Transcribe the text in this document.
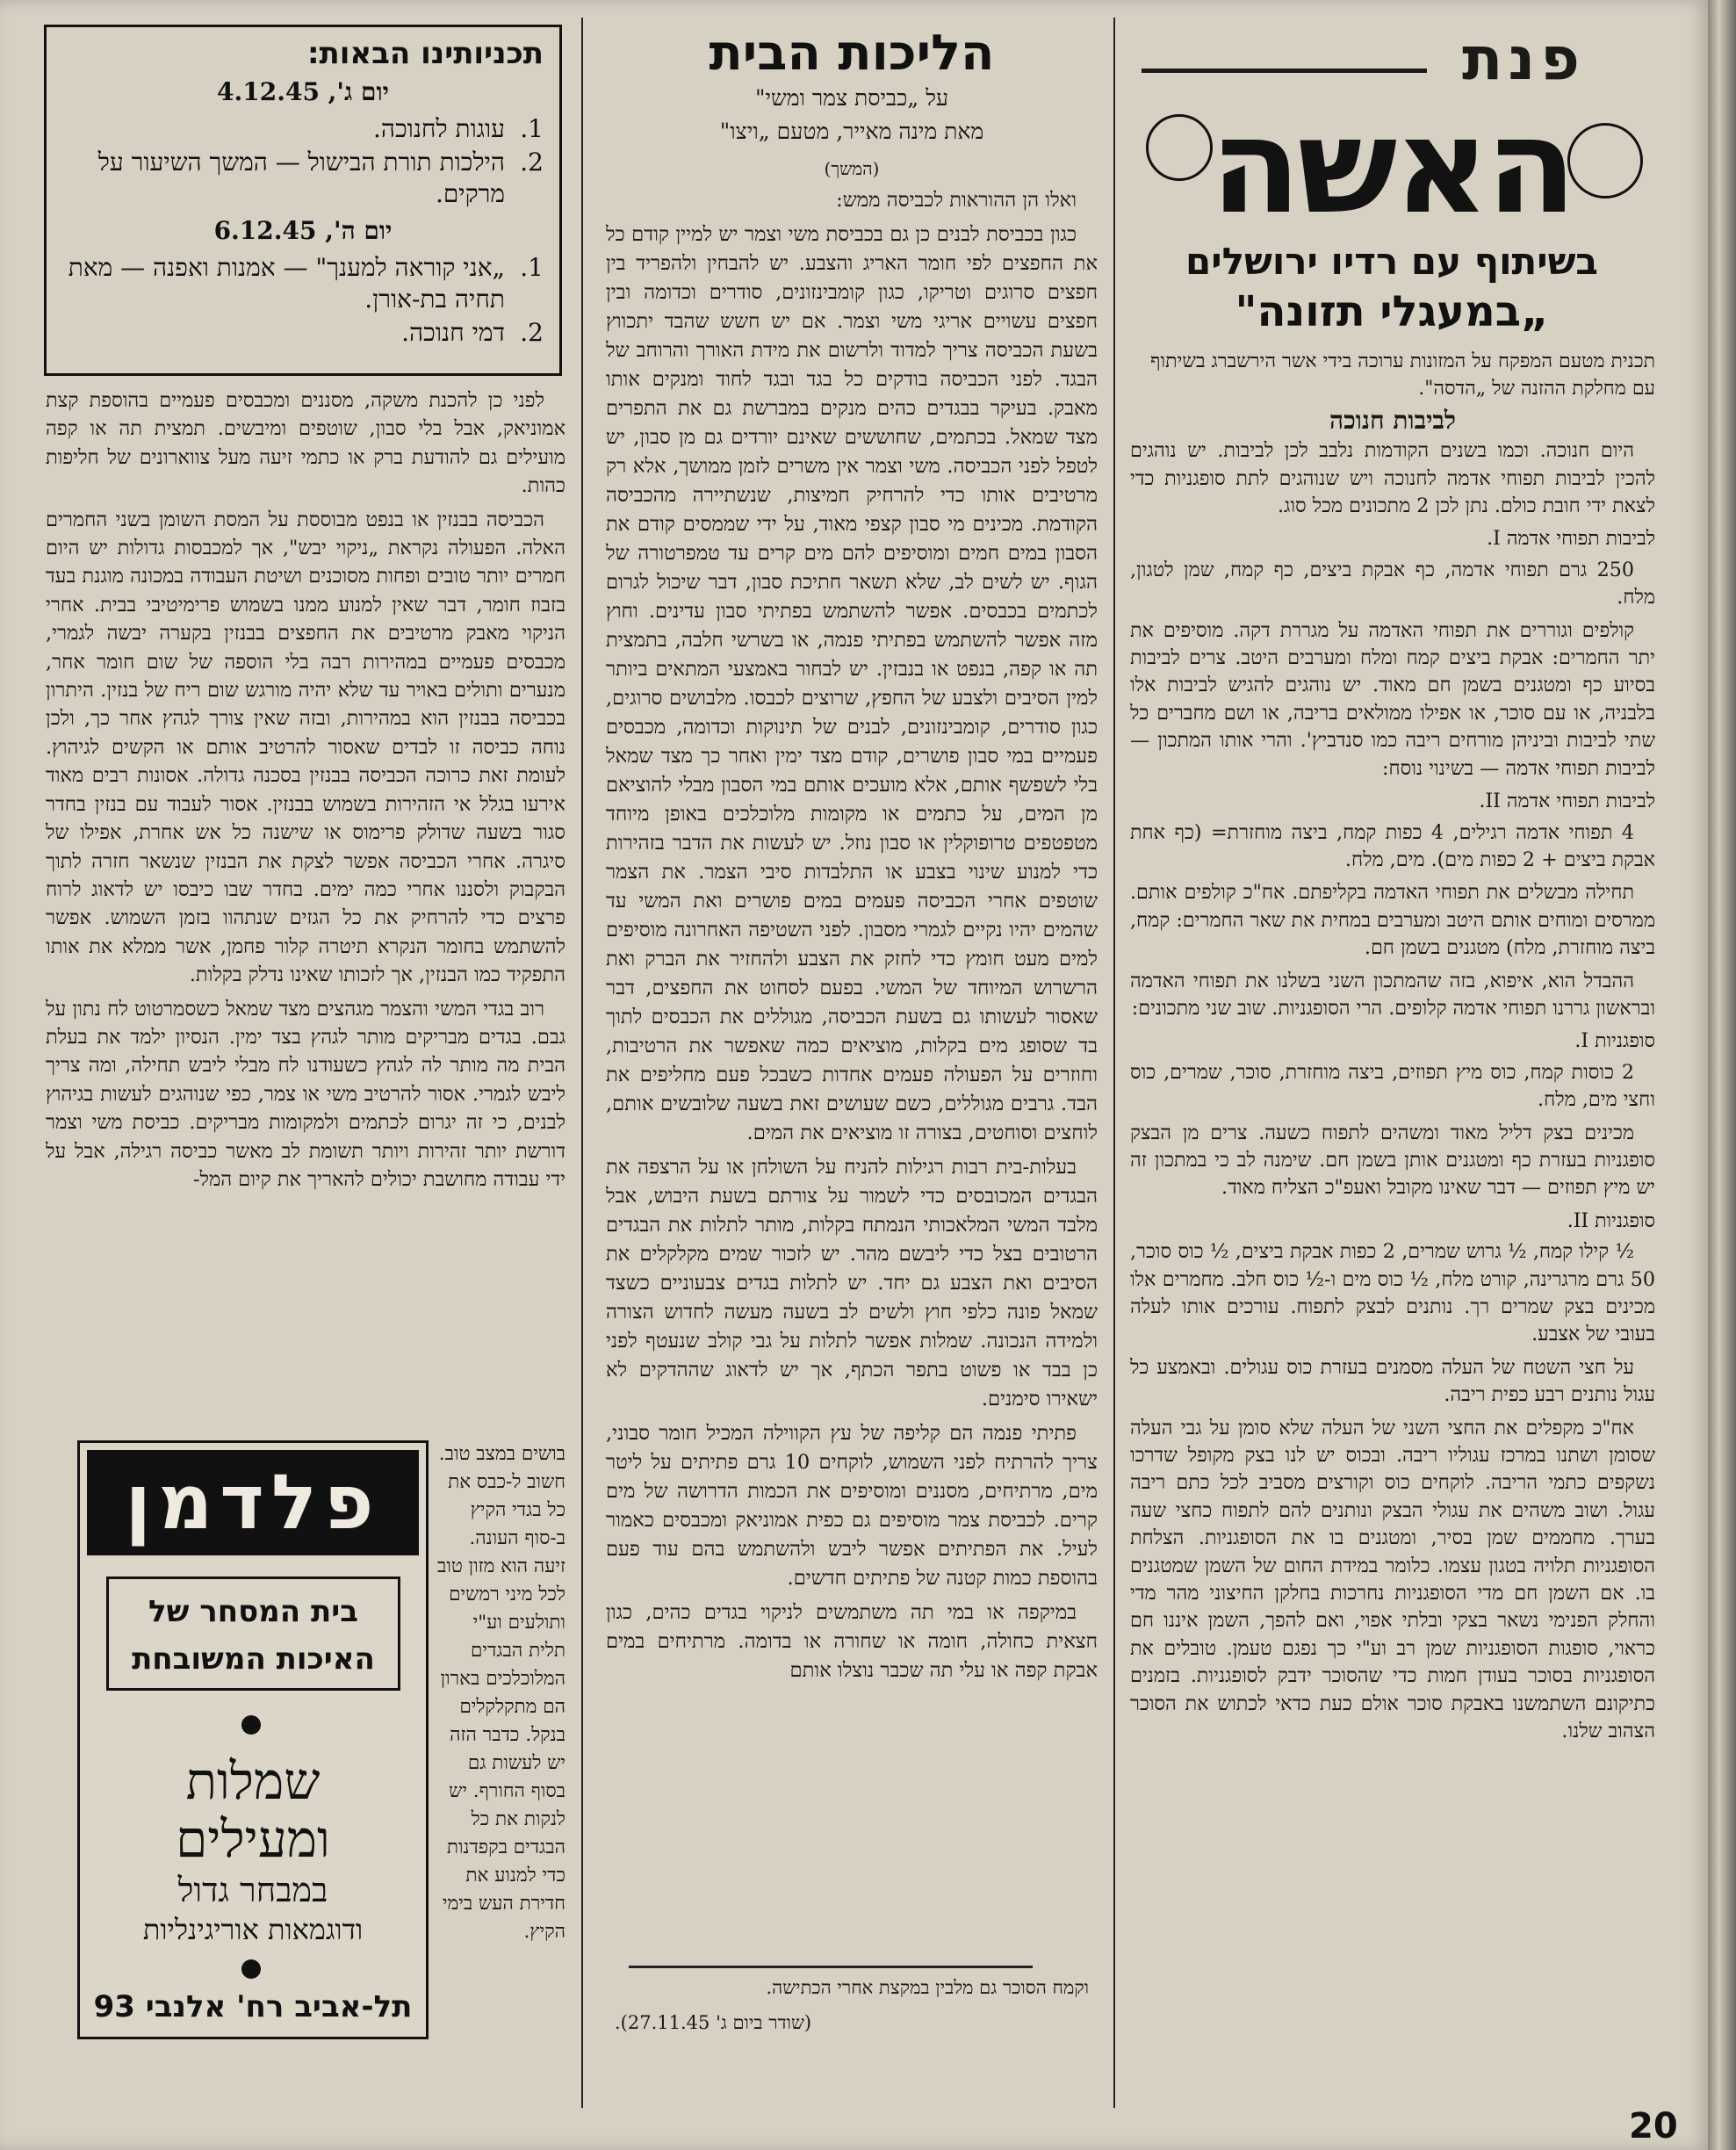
פנת
האשה
בשיתוף עם רדיו ירושלים
„במעגלי תזונה"

תכנית מטעם המפקח על המזונות ערוכה בידי אשר הירשברג בשיתוף עם מחלקת ההזנה של „הדסה".

לביבות חנוכה

היום חנוכה. וכמו בשנים הקודמות נלבב לכן לביבות. יש נוהגים להכין לביבות תפוחי אדמה לחנוכה ויש שנוהגים לתת סופגניות כדי לצאת ידי חובת כולם. נתן לכן 2 מתכונים מכל סוג.

לביבות תפוחי אדמה I.

250 גרם תפוחי אדמה, כף אבקת ביצים, כף קמח, שמן לטגון, מלח.

קולפים וגוררים את תפוחי האדמה על מגררת דקה. מוסיפים את יתר החמרים: אבקת ביצים קמח ומלח ומערבים היטב. צרים לביבות בסיוע כף ומטגנים בשמן חם מאוד. יש נוהגים להגיש לביבות אלו בלבניה, או עם סוכר, או אפילו ממולאים בריבה, או ושם מחברים כל שתי לביבות וביניהן מורחים ריבה כמו סנדביץ'. והרי אותו המתכון — לביבות תפוחי אדמה — בשינוי נוסח:

לביבות תפוחי אדמה II.

4 תפוחי אדמה רגילים, 4 כפות קמח, ביצה מוחזרת= (כף אחת אבקת ביצים + 2 כפות מים). מים, מלח.

תחילה מבשלים את תפוחי האדמה בקליפתם. אח"כ קולפים אותם. ממרסים ומוחים אותם היטב ומערבים במחית את שאר החמרים: קמח, ביצה מוחזרת, מלח) מטגנים בשמן חם.

ההבדל הוא, איפוא, בזה שהמתכון השני בשלנו את תפוחי האדמה ובראשון גררנו תפוחי אדמה קלופים. הרי הסופגניות. שוב שני מתכונים:

סופגניות I.

2 כוסות קמח, כוס מיץ תפוזים, ביצה מוחזרת, סוכר, שמרים, כוס וחצי מים, מלח.

מכינים בצק דליל מאוד ומשהים לתפוח כשעה. צרים מן הבצק סופגניות בעזרת כף ומטגנים אותן בשמן חם. שימנה לב כי במתכון זה יש מיץ תפוזים — דבר שאינו מקובל ואעפ"כ הצליח מאוד.

סופגניות II.

½ קילו קמח, ½ גרוש שמרים, 2 כפות אבקת ביצים, ½ כוס סוכר, 50 גרם מרגרינה, קורט מלח, ½ כוס מים ו-½ כוס חלב. מחמרים אלו מכינים בצק שמרים רך. נותנים לבצק לתפוח. עורכים אותו לעלה בעובי של אצבע.

על חצי השטח של העלה מסמנים בעזרת כוס עגולים. ובאמצע כל עגול נותנים רבע כפית ריבה.

אח"כ מקפלים את החצי השני של העלה שלא סומן על גבי העלה שסומן ושתנו במרכז עגוליו ריבה. ובכוס יש לנו בצק מקופל שדרכו נשקפים כתמי הריבה. לוקחים כוס וקורצים מסביב לכל כתם ריבה עגול. ושוב משהים את עגולי הבצק ונותנים להם לתפוח כחצי שעה בערך. מחממים שמן בסיר, ומטגנים בו את הסופגניות. הצלחת הסופגניות תלויה בטגון עצמו. כלומר במידת החום של השמן שמטגנים בו. אם השמן חם מדי הסופגניות נחרכות בחלקן החיצוני מהר מדי והחלק הפנימי נשאר בצקי ובלתי אפוי, ואם להפך, השמן איננו חם כראוי, סופגות הסופגניות שמן רב וע"י כך נפגם טעמן. טובלים את הסופגניות בסוכר בעודן חמות כדי שהסוכר ידבק לסופגניות. בזמנים כתיקונם השתמשנו באבקת סוכר אולם כעת כדאי לכתוש את הסוכר הצהוב שלנו.

הליכות הבית
על „כביסת צמר ומשי"
מאת מינה מאייר, מטעם „ויצו"
(המשך)

ואלו הן ההוראות לכביסה ממש:

כגון בכביסת לבנים כן גם בכביסת משי וצמר יש למיין קודם כל את החפצים לפי חומר האריג והצבע. יש להבחין ולהפריד בין חפצים סרוגים וטריקו, כגון קומבינזונים, סודרים וכדומה ובין חפצים עשויים אריגי משי וצמר. אם יש חשש שהבד יתכווץ בשעת הכביסה צריך למדוד ולרשום את מידת האורך והרוחב של הבגד. לפני הכביסה בודקים כל בגד ובגד לחוד ומנקים אותו מאבק. בעיקר בבגדים כהים מנקים במברשת גם את התפרים מצד שמאל. בכתמים, שחוששים שאינם יורדים גם מן סבון, יש לטפל לפני הכביסה. משי וצמר אין משרים לזמן ממושך, אלא רק מרטיבים אותו כדי להרחיק חמיצות, שנשתיירה מהכביסה הקודמת. מכינים מי סבון קצפי מאוד, על ידי שממסים קודם את הסבון במים חמים ומוסיפים להם מים קרים עד טמפרטורה של הגוף. יש לשים לב, שלא תשאר חתיכת סבון, דבר שיכול לגרום לכתמים בכבסים. אפשר להשתמש בפתיתי סבון עדינים. וחוץ מזה אפשר להשתמש בפתיתי פנמה, או בשרשי חלבה, בתמצית תה או קפה, בנפט או בנבזין. יש לבחור באמצעי המתאים ביותר למין הסיבים ולצבע של החפץ, שרוצים לכבסו. מלבושים סרוגים, כגון סודרים, קומבינזונים, לבנים של תינוקות וכדומה, מכבסים פעמיים במי סבון פושרים, קודם מצד ימין ואחר כך מצד שמאל בלי לשפשף אותם, אלא מועכים אותם במי הסבון מבלי להוציאם מן המים, על כתמים או מקומות מלוכלכים באופן מיוחד מטפטפים טרופוקלין או סבון נוזל. יש לעשות את הדבר בזהירות כדי למנוע שינוי בצבע או התלבדות סיבי הצמר. את הצמר שוטפים אחרי הכביסה פעמים במים פושרים ואת המשי עד שהמים יהיו נקיים לגמרי מסבון. לפני השטיפה האחרונה מוסיפים למים מעט חומץ כדי לחזק את הצבע ולהחזיר את הברק ואת הרשרוש המיוחד של המשי. בפעם לסחוט את החפצים, דבר שאסור לעשותו גם בשעת הכביסה, מגוללים את הכבסים לתוך בד שסופג מים בקלות, מוציאים כמה שאפשר את הרטיבות, וחוזרים על הפעולה פעמים אחדות כשבכל פעם מחליפים את הבד. גרבים מגוללים, כשם שעושים זאת בשעה שלובשים אותם, לוחצים וסוחטים, בצורה זו מוציאים את המים.

בעלות-בית רבות רגילות להניח על השולחן או על הרצפה את הבגדים המכובסים כדי לשמור על צורתם בשעת היבוש, אבל מלבד המשי המלאכותי הנמתח בקלות, מותר לתלות את הבגדים הרטובים בצל כדי ליבשם מהר. יש לזכור שמים מקלקלים את הסיבים ואת הצבע גם יחד. יש לתלות בגדים צבעוניים כשצד שמאל פונה כלפי חוץ ולשים לב בשעה מעשה לחדוש הצורה ולמידה הנכונה. שמלות אפשר לתלות על גבי קולב שנעטף לפני כן בבד או פשוט בתפר הכתף, אך יש לדאוג שההדקים לא ישאירו סימנים.

פתיתי פנמה הם קליפה של עץ הקווילה המכיל חומר סבוני, צריך להרתיח לפני השמוש, לוקחים 10 גרם פתיתים על ליטר מים, מרתיחים, מסננים ומוסיפים את הכמות הדרושה של מים קרים. לכביסת צמר מוסיפים גם כפית אמוניאק ומכבסים כאמור לעיל. את הפתיתים אפשר ליבש ולהשתמש בהם עוד פעם בהוספת כמות קטנה של פתיתים חדשים.

במיקפה או במי תה משתמשים לניקוי בגדים כהים, כגון חצאית כחולה, חומה או שחורה או בדומה. מרתיחים במים אבקת קפה או עלי תה שכבר נוצלו אותם

וקמח הסוכר גם מלבין במקצת אחרי הכתישה.

(שודר ביום ג' 27.11.45).

תכניותינו הבאות:
יום ג', 4.12.45
1.
עוגות לחנוכה.
2.
הילכות תורת הבישול — המשך השיעור על מרקים.
יום ה', 6.12.45
1.
„אני קוראה למענך" — אמנות ואפנה — מאת תחיה בת-אורן.
2.
דמי חנוכה.

לפני כן להכנת משקה, מסננים ומכבסים פעמיים בהוספת קצת אמוניאק, אבל בלי סבון, שוטפים ומיבשים. תמצית תה או קפה מועילים גם להודעת ברק או כתמי זיעה מעל צווארונים של חליפות כהות.

הכביסה בבנזין או בנפט מבוססת על המסת השומן בשני החמרים האלה. הפעולה נקראת „ניקוי יבש", אך למכבסות גדולות יש היום חמרים יותר טובים ופחות מסוכנים ושיטת העבודה במכונה מוגנת בעד בזבוז חומר, דבר שאין למנוע ממנו בשמוש פרימיטיבי בבית. אחרי הניקוי מאבק מרטיבים את החפצים בבנזין בקערה יבשה לגמרי, מכבסים פעמיים במהירות רבה בלי הוספה של שום חומר אחר, מנערים ותולים באויר עד שלא יהיה מורגש שום ריח של בנזין. היתרון בכביסה בבנזין הוא במהירות, ובזה שאין צורך לגהץ אחר כך, ולכן נוחה כביסה זו לבדים שאסור להרטיב אותם או הקשים לגיהוץ. לעומת זאת כרוכה הכביסה בבנזין בסכנה גדולה. אסונות רבים מאוד אירעו בגלל אי הזהירות בשמוש בבנזין. אסור לעבוד עם בנזין בחדר סגור בשעה שדולק פרימוס או שישנה כל אש אחרת, אפילו של סיגרה. אחרי הכביסה אפשר לצקת את הבנזין שנשאר חזרה לתוך הבקבוק ולסננו אחרי כמה ימים. בחדר שבו כיבסו יש לדאוג לרוח פרצים כדי להרחיק את כל הגזים שנתהוו בזמן השמוש. אפשר להשתמש בחומר הנקרא תיטרה קלור פחמן, אשר ממלא את אותו התפקיד כמו הבנזין, אך לזכותו שאינו נדלק בקלות.

רוב בגדי המשי והצמר מגהצים מצד שמאל כשסמרטוט לח נתון על גבם. בגדים מבריקים מותר לגהץ בצד ימין. הנסיון ילמד את בעלת הבית מה מותר לה לגהץ כשעודנו לח מבלי ליבש תחילה, ומה צריך ליבש לגמרי. אסור להרטיב משי או צמר, כפי שנוהגים לעשות בגיהוץ לבנים, כי זה יגרום לכתמים ולמקומות מבריקים. כביסת משי וצמר דורשת יותר זהירות ויותר תשומת לב מאשר כביסה רגילה, אבל על ידי עבודה מחושבת יכולים להאריך את קיום המל-

בושים במצב טוב. חשוב ל-כבס את כל בגדי הקיץ ב-סוף העונה. זיעה הוא מזון טוב לכל מיני רמשים ותולעים וע"י תלית הבגדים המלוכלכים בארון הם מתקלקלים בנקל. כדבר הזה יש לעשות גם בסוף החורף. יש לנקות את כל הבגדים בקפדנות כדי למנוע את חדירת העש בימי הקיץ.

פלדמן
בית המסחר של
האיכות המשובחת
שמלות
ומעילים
במבחר גדול
ודוגמאות אוריגינליות
תל-אביב רח' אלנבי 93
20
